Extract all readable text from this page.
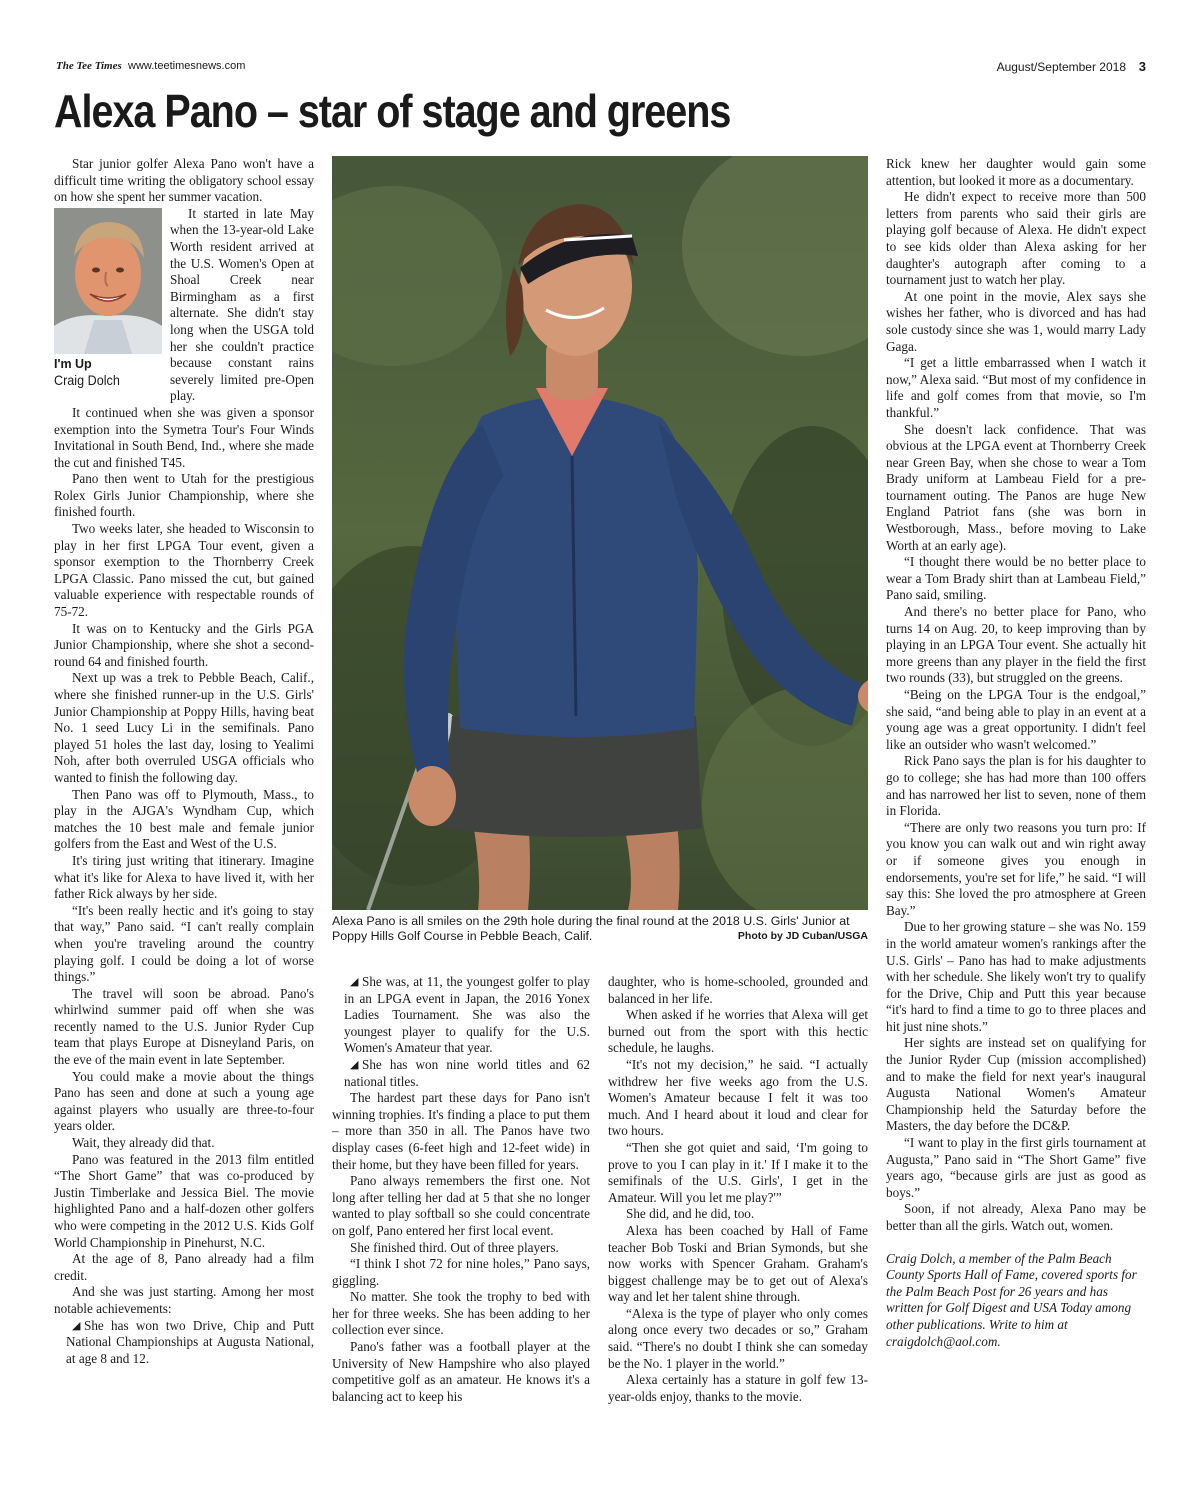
The Tee Times www.teetimesnews.com	August/September 2018 3
Alexa Pano – star of stage and greens

Star junior golfer Alexa Pano won't have a difficult time writing the obligatory school essay on how she spent her summer vacation.

I'm Up
Craig Dolch

It started in late May when the 13-year-old Lake Worth resident arrived at the U.S. Women's Open at Shoal Creek near Birmingham as a first alternate. She didn't stay long when the USGA told her she couldn't practice because constant rains severely limited pre-Open play.

It continued when she was given a sponsor exemption into the Symetra Tour's Four Winds Invitational in South Bend, Ind., where she made the cut and finished T45.

Pano then went to Utah for the prestigious Rolex Girls Junior Championship, where she finished fourth.

Two weeks later, she headed to Wisconsin to play in her first LPGA Tour event, given a sponsor exemption to the Thornberry Creek LPGA Classic. Pano missed the cut, but gained valuable experience with respectable rounds of 75-72.

It was on to Kentucky and the Girls PGA Junior Championship, where she shot a second-round 64 and finished fourth.

Next up was a trek to Pebble Beach, Calif., where she finished runner-up in the U.S. Girls' Junior Championship at Poppy Hills, having beat No. 1 seed Lucy Li in the semifinals. Pano played 51 holes the last day, losing to Yealimi Noh, after both overruled USGA officials who wanted to finish the following day.

Then Pano was off to Plymouth, Mass., to play in the AJGA's Wyndham Cup, which matches the 10 best male and female junior golfers from the East and West of the U.S.

It's tiring just writing that itinerary. Imagine what it's like for Alexa to have lived it, with her father Rick always by her side.

“It's been really hectic and it's going to stay that way,” Pano said. “I can't really complain when you're traveling around the country playing golf. I could be doing a lot of worse things.”

The travel will soon be abroad. Pano's whirlwind summer paid off when she was recently named to the U.S. Junior Ryder Cup team that plays Europe at Disneyland Paris, on the eve of the main event in late September.

You could make a movie about the things Pano has seen and done at such a young age against players who usually are three-to-four years older.

Wait, they already did that.

Pano was featured in the 2013 film entitled “The Short Game” that was co-produced by Justin Timberlake and Jessica Biel. The movie highlighted Pano and a half-dozen other golfers who were competing in the 2012 U.S. Kids Golf World Championship in Pinehurst, N.C.

At the age of 8, Pano already had a film credit.

And she was just starting. Among her most notable achievements:

◢ She has won two Drive, Chip and Putt National Championships at Augusta National, at age 8 and 12.

Alexa Pano is all smiles on the 29th hole during the final round at the 2018 U.S. Girls' Junior at Poppy Hills Golf Course in Pebble Beach, Calif.	Photo by JD Cuban/USGA

◢ She was, at 11, the youngest golfer to play in an LPGA event in Japan, the 2016 Yonex Ladies Tournament. She was also the youngest player to qualify for the U.S. Women's Amateur that year.

◢ She has won nine world titles and 62 national titles.

The hardest part these days for Pano isn't winning trophies. It's finding a place to put them – more than 350 in all. The Panos have two display cases (6-feet high and 12-feet wide) in their home, but they have been filled for years.

Pano always remembers the first one. Not long after telling her dad at 5 that she no longer wanted to play softball so she could concentrate on golf, Pano entered her first local event.

She finished third. Out of three players.

“I think I shot 72 for nine holes,” Pano says, giggling.

No matter. She took the trophy to bed with her for three weeks. She has been adding to her collection ever since.

Pano's father was a football player at the University of New Hampshire who also played competitive golf as an amateur. He knows it's a balancing act to keep his

daughter, who is home-schooled, grounded and balanced in her life.

When asked if he worries that Alexa will get burned out from the sport with this hectic schedule, he laughs.

“It's not my decision,” he said. “I actually withdrew her five weeks ago from the U.S. Women's Amateur because I felt it was too much. And I heard about it loud and clear for two hours.

“Then she got quiet and said, ‘I'm going to prove to you I can play in it.' If I make it to the semifinals of the U.S. Girls', I get in the Amateur. Will you let me play?'”

She did, and he did, too.

Alexa has been coached by Hall of Fame teacher Bob Toski and Brian Symonds, but she now works with Spencer Graham. Graham's biggest challenge may be to get out of Alexa's way and let her talent shine through.

“Alexa is the type of player who only comes along once every two decades or so,” Graham said. “There's no doubt I think she can someday be the No. 1 player in the world.”

Alexa certainly has a stature in golf few 13-year-olds enjoy, thanks to the movie.

Rick knew her daughter would gain some attention, but looked it more as a documentary.

He didn't expect to receive more than 500 letters from parents who said their girls are playing golf because of Alexa. He didn't expect to see kids older than Alexa asking for her daughter's autograph after coming to a tournament just to watch her play.

At one point in the movie, Alex says she wishes her father, who is divorced and has had sole custody since she was 1, would marry Lady Gaga.

“I get a little embarrassed when I watch it now,” Alexa said. “But most of my confidence in life and golf comes from that movie, so I'm thankful.”

She doesn't lack confidence. That was obvious at the LPGA event at Thornberry Creek near Green Bay, when she chose to wear a Tom Brady uniform at Lambeau Field for a pre-tournament outing. The Panos are huge New England Patriot fans (she was born in Westborough, Mass., before moving to Lake Worth at an early age).

“I thought there would be no better place to wear a Tom Brady shirt than at Lambeau Field,” Pano said, smiling.

And there's no better place for Pano, who turns 14 on Aug. 20, to keep improving than by playing in an LPGA Tour event. She actually hit more greens than any player in the field the first two rounds (33), but struggled on the greens.

“Being on the LPGA Tour is the endgoal,” she said, “and being able to play in an event at a young age was a great opportunity. I didn't feel like an outsider who wasn't welcomed.”

Rick Pano says the plan is for his daughter to go to college; she has had more than 100 offers and has narrowed her list to seven, none of them in Florida.

“There are only two reasons you turn pro: If you know you can walk out and win right away or if someone gives you enough in endorsements, you're set for life,” he said. “I will say this: She loved the pro atmosphere at Green Bay.”

Due to her growing stature – she was No. 159 in the world amateur women's rankings after the U.S. Girls' – Pano has had to make adjustments with her schedule. She likely won't try to qualify for the Drive, Chip and Putt this year because “it's hard to find a time to go to three places and hit just nine shots.”

Her sights are instead set on qualifying for the Junior Ryder Cup (mission accomplished) and to make the field for next year's inaugural Augusta National Women's Amateur Championship held the Saturday before the Masters, the day before the DC&P.

“I want to play in the first girls tournament at Augusta,” Pano said in “The Short Game” five years ago, “because girls are just as good as boys.”

Soon, if not already, Alexa Pano may be better than all the girls. Watch out, women.

Craig Dolch, a member of the Palm Beach County Sports Hall of Fame, covered sports for the Palm Beach Post for 26 years and has written for Golf Digest and USA Today among other publications. Write to him at craigdolch@aol.com.
